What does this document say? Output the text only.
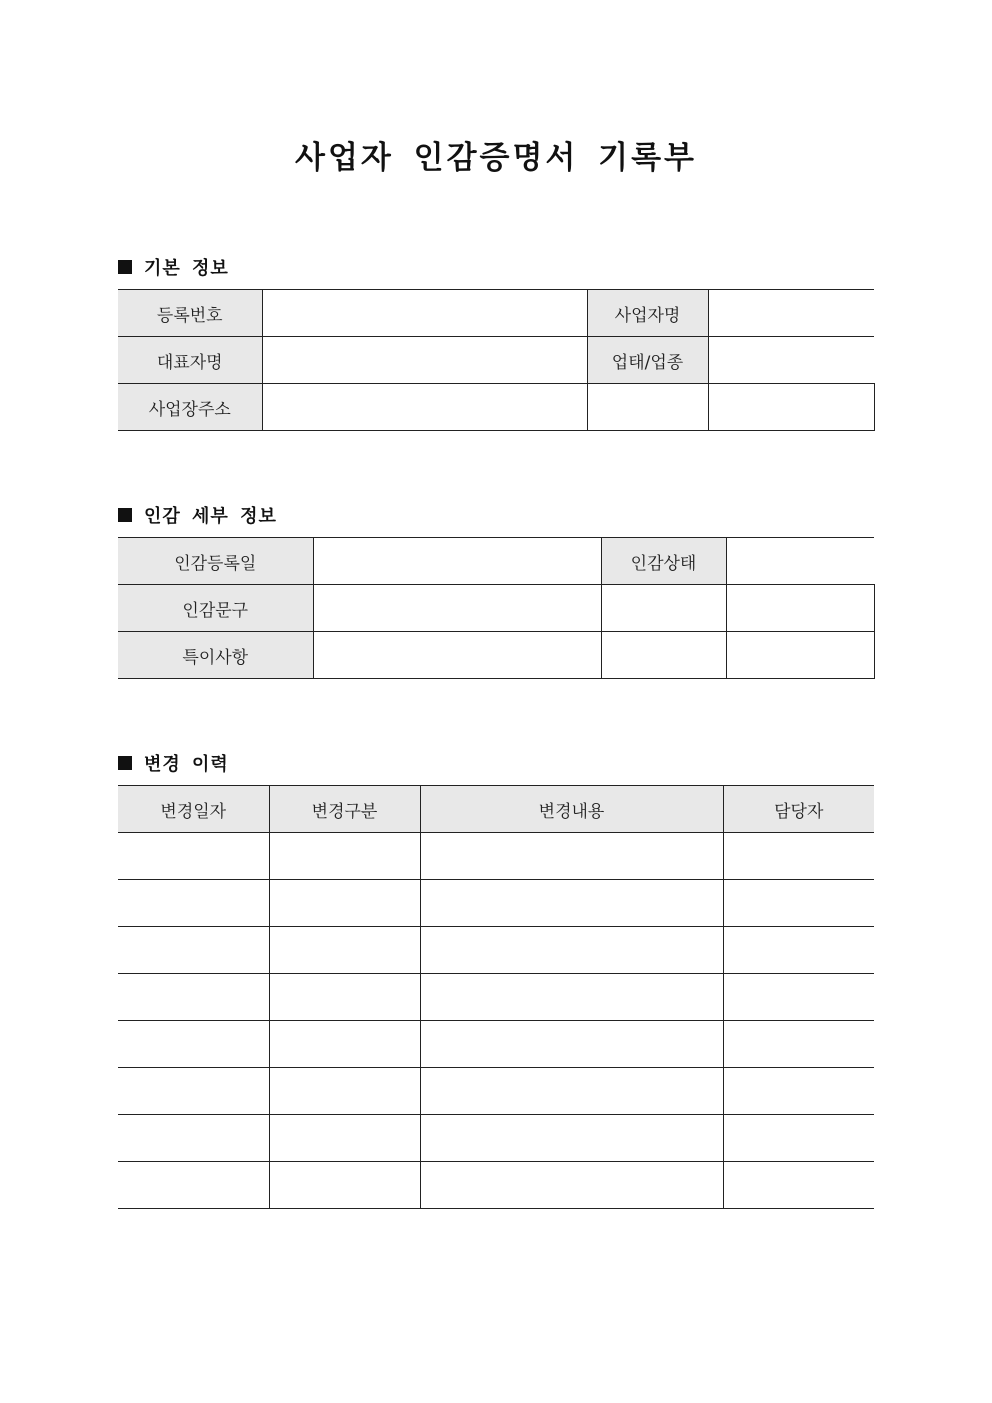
사업자 인감증명서 기록부
기본 정보
등록번호		사업자명	
대표자명		업태/업종	
사업장주소			
인감 세부 정보
인감등록일		인감상태	
인감문구			
특이사항			
변경 이력
변경일자	변경구분	변경내용	담당자
